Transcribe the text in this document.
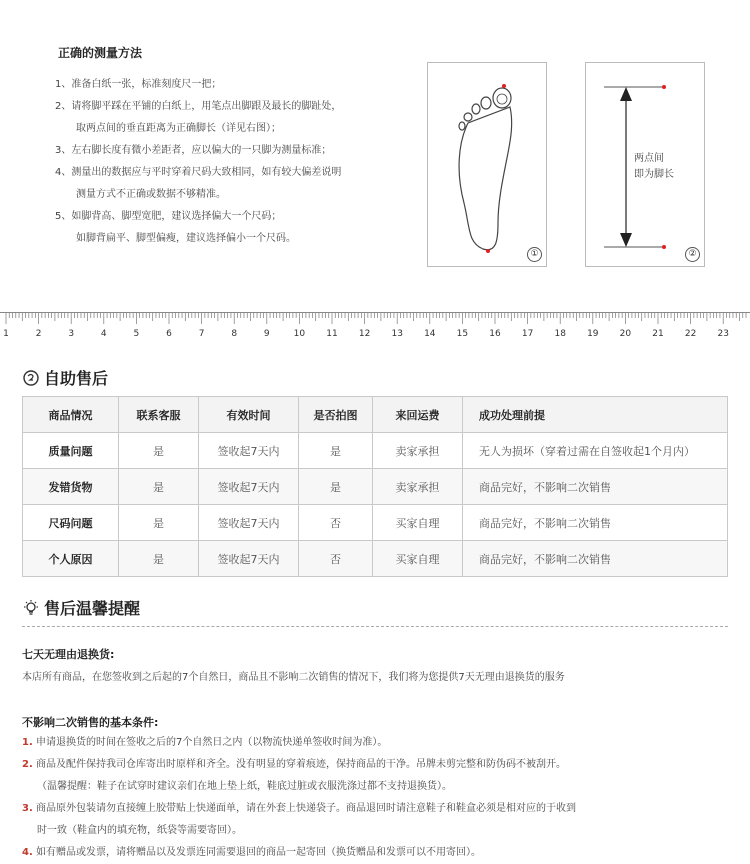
正确的测量方法
1、准备白纸一张，标准刻度尺一把；
2、请将脚平踩在平铺的白纸上，用笔点出脚跟及最长的脚趾处，
取两点间的垂直距离为正确脚长（详见右图）；
3、左右脚长度有微小差距者，应以偏大的一只脚为测量标准；
4、测量出的数据应与平时穿着尺码大致相同，如有较大偏差说明
测量方式不正确或数据不够精准。
5、如脚背高、脚型宽肥，建议选择偏大一个尺码；
如脚背扁平、脚型偏瘦，建议选择偏小一个尺码。
①
两点间
即为脚长
②
1	2	3	4	5	6	7	8	9	10 11 12 13 14 15 16 17 18 19 20 21 22 23
自助售后
商品情况	联系客服	有效时间	是否拍图	来回运费	成功处理前提
质量问题	是	签收起7天内	是	卖家承担	无人为损坏（穿着过需在自签收起1个月内）
发错货物	是	签收起7天内	是	卖家承担	商品完好，不影响二次销售
尺码问题	是	签收起7天内	否	买家自理	商品完好，不影响二次销售
个人原因	是	签收起7天内	否	买家自理	商品完好，不影响二次销售
售后温馨提醒
七天无理由退换货:
本店所有商品，在您签收到之后起的7个自然日，商品且不影响二次销售的情况下，我们将为您提供7天无理由退换货的服务
不影响二次销售的基本条件:
1. 申请退换货的时间在签收之后的7个自然日之内（以物流快递单签收时间为准）。
2. 商品及配件保持我司仓库寄出时原样和齐全。没有明显的穿着痕迹，保持商品的干净。吊牌未剪完整和防伪码不被刮开。
（温馨提醒：鞋子在试穿时建议亲们在地上垫上纸，鞋底过脏或衣服洗涤过都不支持退换货）。
3. 商品原外包装请勿直接缠上胶带贴上快递面单，请在外套上快递袋子。商品退回时请注意鞋子和鞋盒必须是相对应的于收到
时一致（鞋盒内的填充物，纸袋等需要寄回）。
4. 如有赠品或发票，请将赠品以及发票连同需要退回的商品一起寄回（换货赠品和发票可以不用寄回）。
